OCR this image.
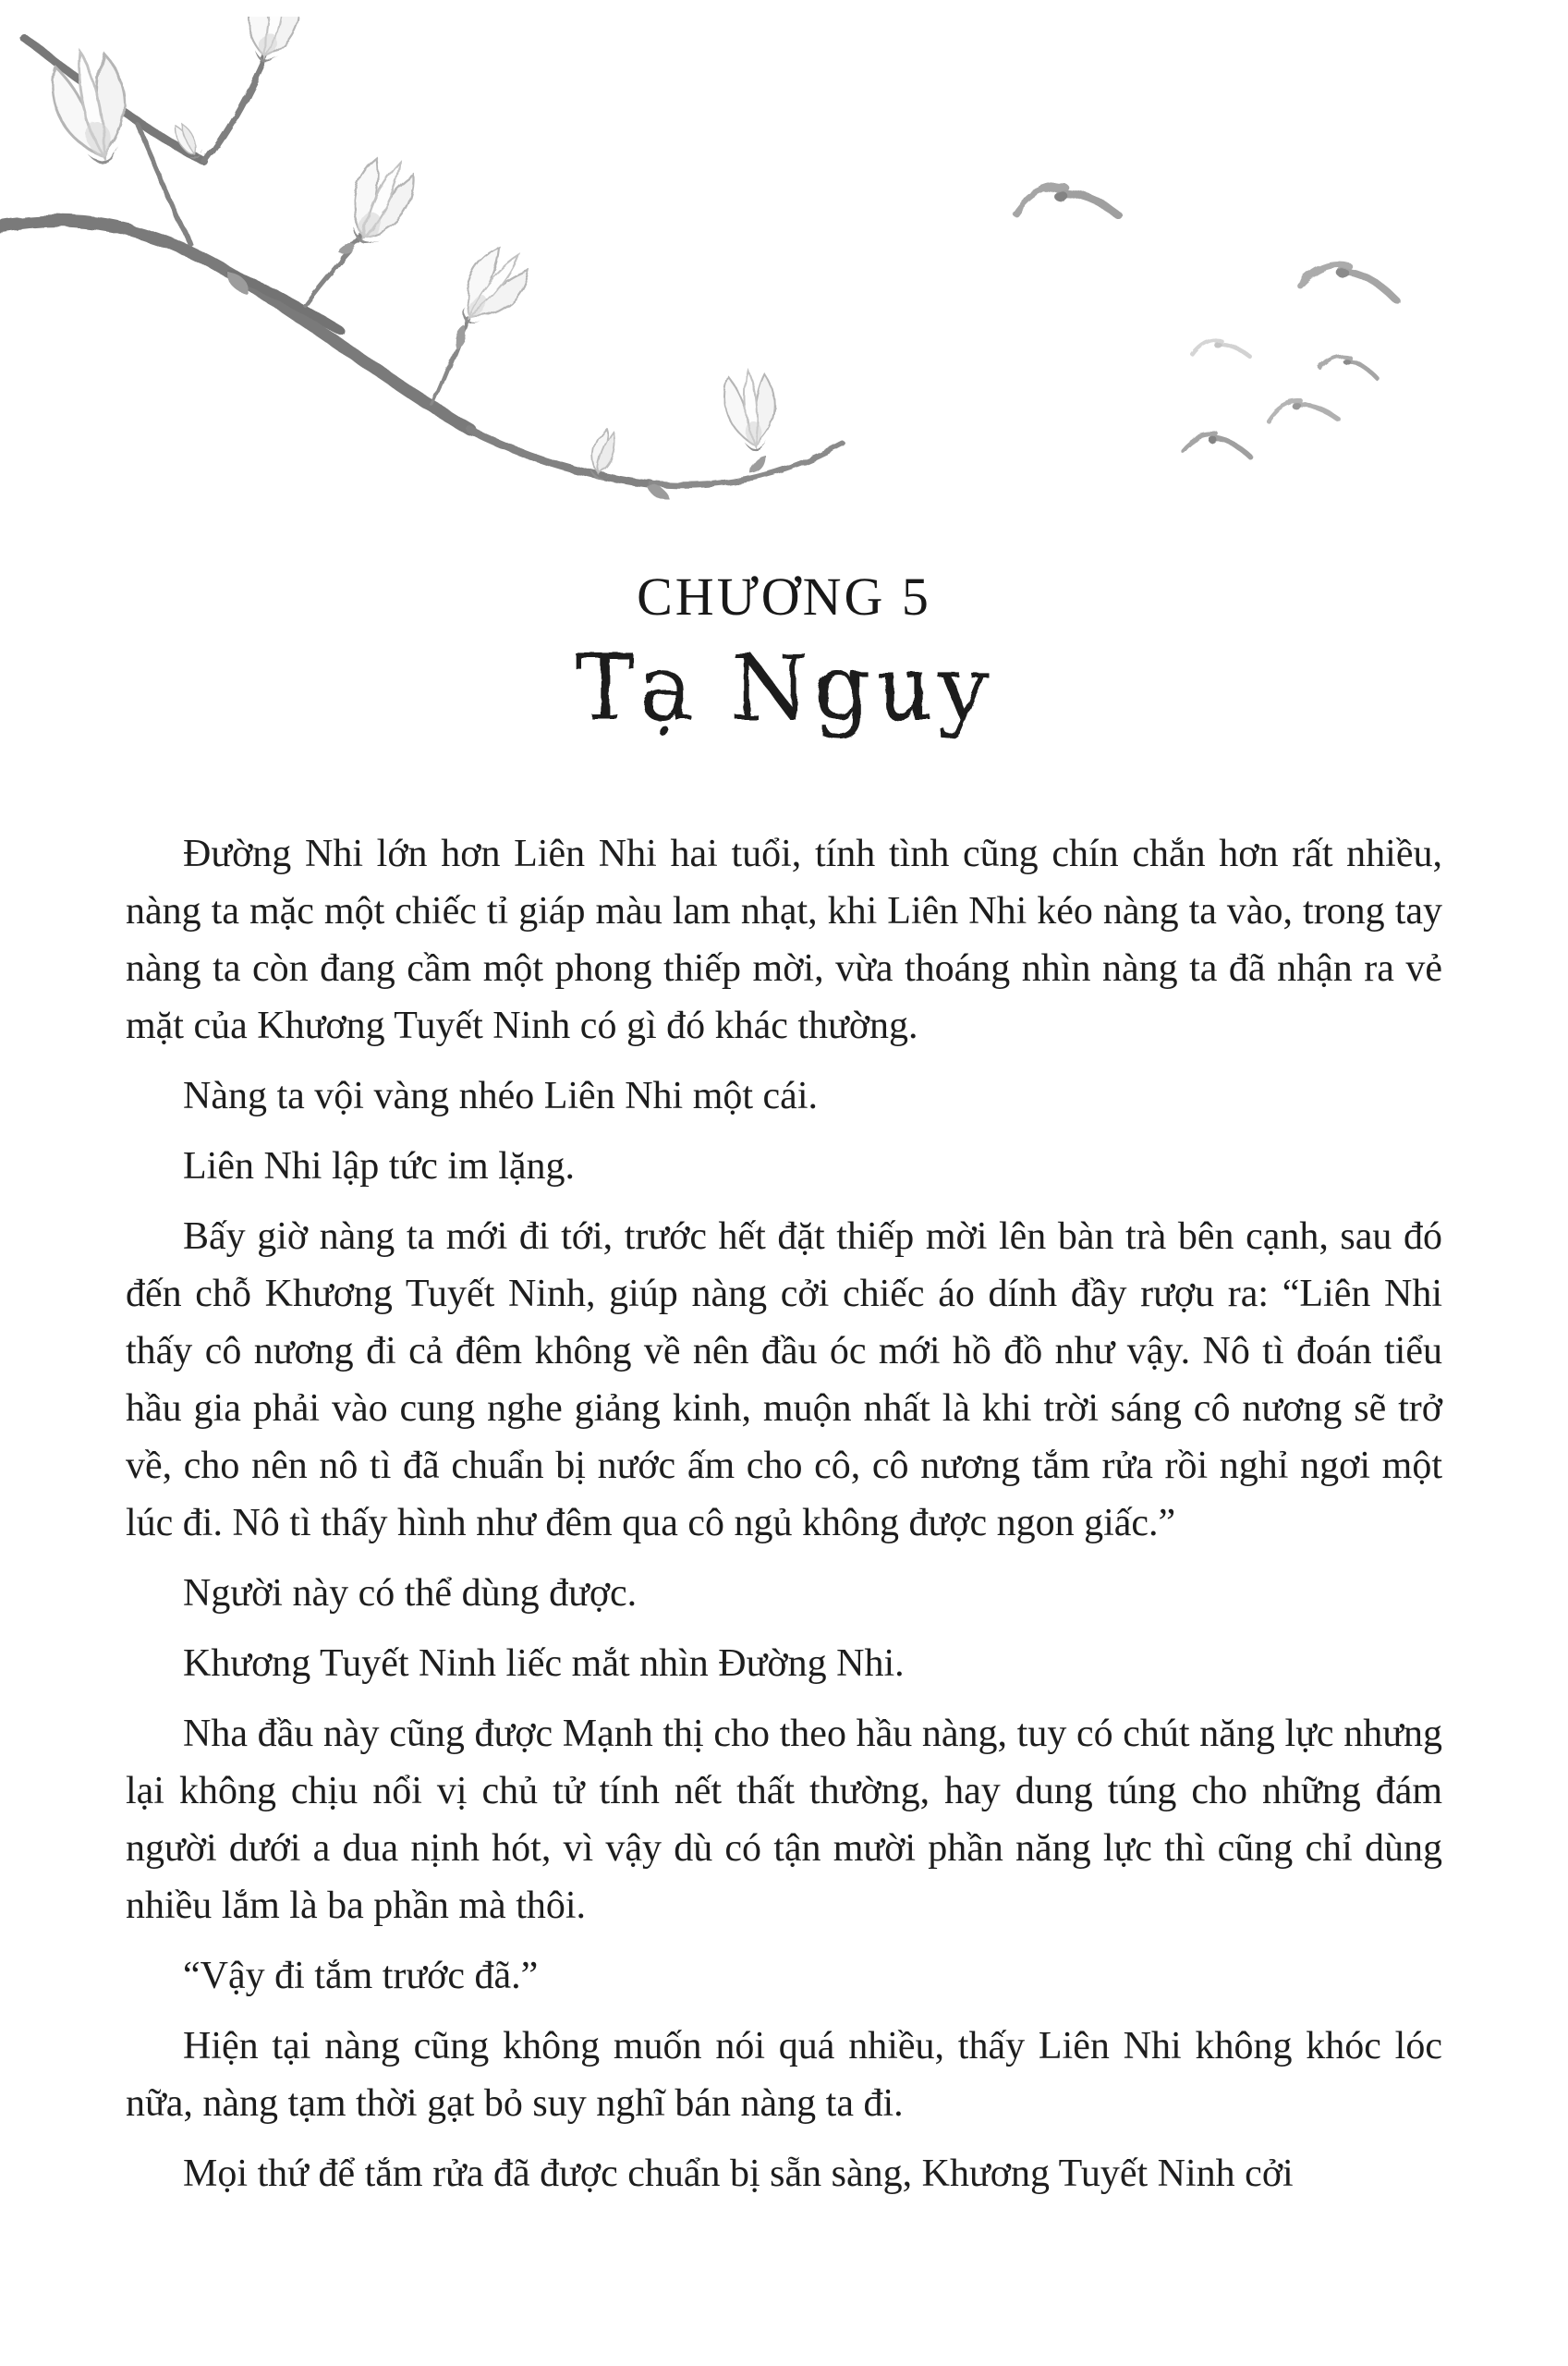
CHƯƠNG 5
Tạ Nguy

Đường Nhi lớn hơn Liên Nhi hai tuổi, tính tình cũng chín chắn hơn rất nhiều, nàng ta mặc một chiếc tỉ giáp màu lam nhạt, khi Liên Nhi kéo nàng ta vào, trong tay nàng ta còn đang cầm một phong thiếp mời, vừa thoáng nhìn nàng ta đã nhận ra vẻ mặt của Khương Tuyết Ninh có gì đó khác thường.

Nàng ta vội vàng nhéo Liên Nhi một cái.

Liên Nhi lập tức im lặng.

Bấy giờ nàng ta mới đi tới, trước hết đặt thiếp mời lên bàn trà bên cạnh, sau đó đến chỗ Khương Tuyết Ninh, giúp nàng cởi chiếc áo dính đầy rượu ra: “Liên Nhi thấy cô nương đi cả đêm không về nên đầu óc mới hồ đồ như vậy. Nô tì đoán tiểu hầu gia phải vào cung nghe giảng kinh, muộn nhất là khi trời sáng cô nương sẽ trở về, cho nên nô tì đã chuẩn bị nước ấm cho cô, cô nương tắm rửa rồi nghỉ ngơi một lúc đi. Nô tì thấy hình như đêm qua cô ngủ không được ngon giấc.”

Người này có thể dùng được.

Khương Tuyết Ninh liếc mắt nhìn Đường Nhi.

Nha đầu này cũng được Mạnh thị cho theo hầu nàng, tuy có chút năng lực nhưng lại không chịu nổi vị chủ tử tính nết thất thường, hay dung túng cho những đám người dưới a dua nịnh hót, vì vậy dù có tận mười phần năng lực thì cũng chỉ dùng nhiều lắm là ba phần mà thôi.

“Vậy đi tắm trước đã.”

Hiện tại nàng cũng không muốn nói quá nhiều, thấy Liên Nhi không khóc lóc nữa, nàng tạm thời gạt bỏ suy nghĩ bán nàng ta đi.

Mọi thứ để tắm rửa đã được chuẩn bị sẵn sàng, Khương Tuyết Ninh cởi
